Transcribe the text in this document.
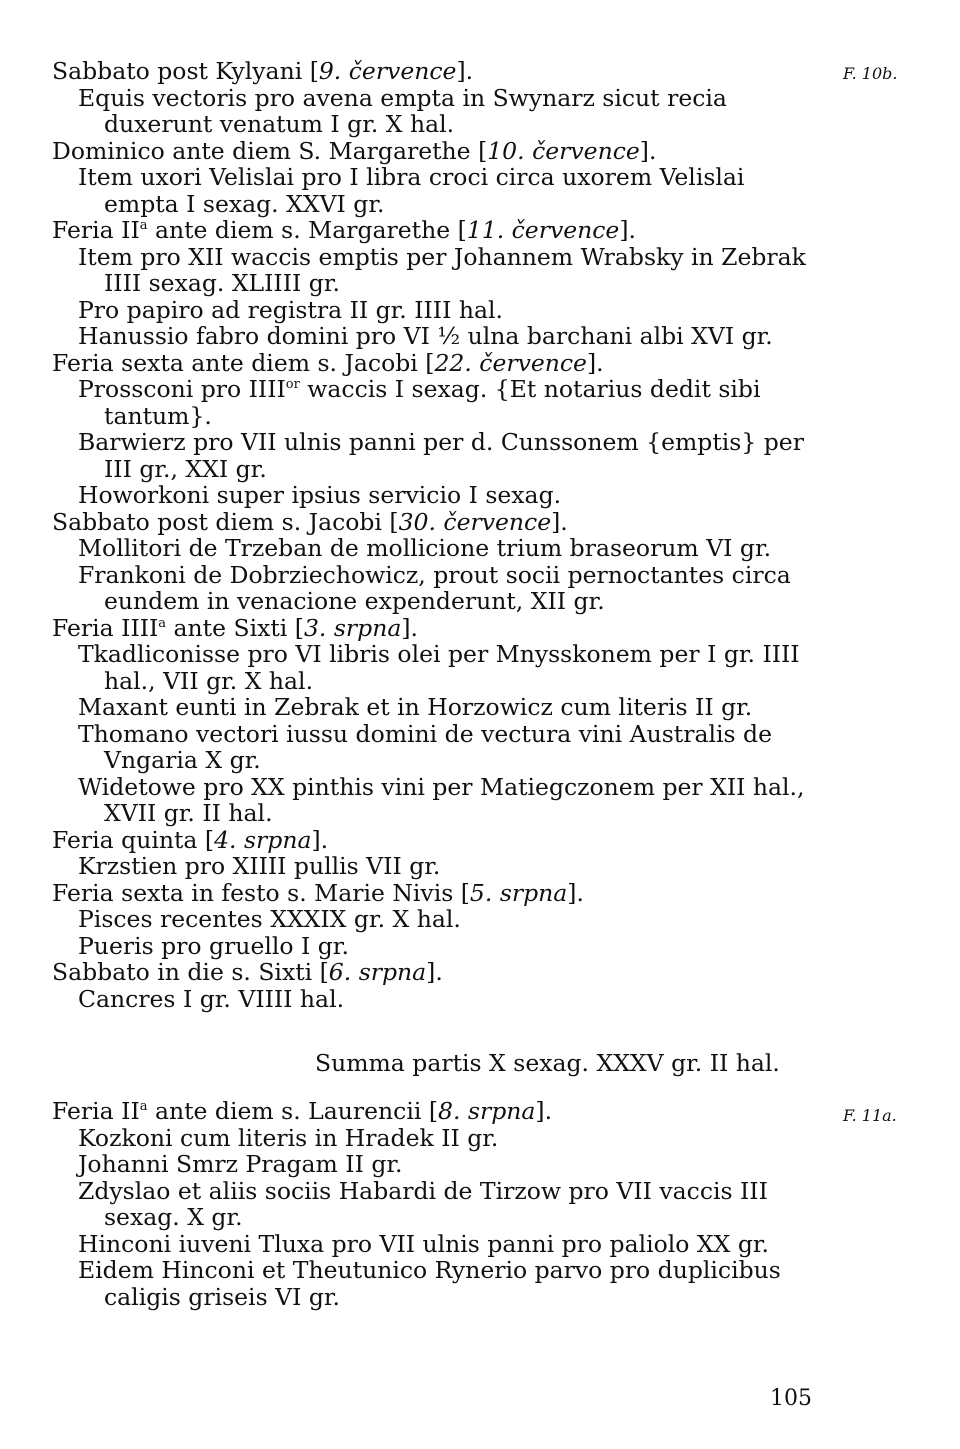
F. 10b.
F. 11a.
Sabbato post Kylyani [9. července].
Equis vectoris pro avena empta in Swynarz sicut recia duxerunt venatum I gr. X hal.
Dominico ante diem S. Margarethe [10. července].
Item uxori Velislai pro I libra croci circa uxorem Velislai empta I sexag. XXVI gr.
Feria $II^a$ ante diem s. Margarethe [11. července].
Item pro XII waccis emptis per Johannem Wrabsky in Zebrak IIII sexag. XLIIII gr.
Pro papiro ad registra II gr. IIII hal.
Hanussio fabro domini pro VI ½ ulna barchani albi XVI gr.
Feria sexta ante diem s. Jacobi [22. července].
Prossconi pro $IIII^{or}$ waccis I sexag. {Et notarius dedit sibi tantum}.
Barwierz pro VII ulnis panni per d. Cunssonem {emptis} per III gr., XXI gr.
Howorkoni super ipsius servicio I sexag.
Sabbato post diem s. Jacobi [30. července].
Mollitori de Trzeban de mollicione trium braseorum VI gr.
Frankoni de Dobrziechowicz, prout socii pernoctantes circa eundem in venacione expenderunt, XII gr.
Feria IIII$^a$ ante Sixti [3. srpna].
Tkadliconisse pro VI libris olei per Mnysskonem per I gr. IIII hal., VII gr. X hal.
Maxant eunti in Zebrak et in Horzowicz cum literis II gr.
Thomano vectori iussu domini de vectura vini Australis de Vngaria X gr.
Widetowe pro XX pinthis vini per Matiegczonem per XII hal., XVII gr. II hal.
Feria quinta [4. srpna].
Krzstien pro XIIII pullis VII gr.
Feria sexta in festo s. Marie Nivis [5. srpna].
Pisces recentes XXXIX gr. X hal.
Pueris pro gruello I gr.
Sabbato in die s. Sixti [6. srpna].
Cancres I gr. VIIII hal.
Summa partis X sexag. XXXV gr. II hal.
Feria $II^a$ ante diem s. Laurencii [8. srpna].
Kozkoni cum literis in Hradek II gr.
Johanni Smrz Pragam II gr.
Zdyslao et aliis sociis Habardi de Tirzow pro VII vaccis III sexag. X gr.
Hinconi iuveni Tluxa pro VII ulnis panni pro paliolo XX gr.
Eidem Hinconi et Theutunico Rynerio parvo pro duplicibus caligis griseis VI gr.
105
